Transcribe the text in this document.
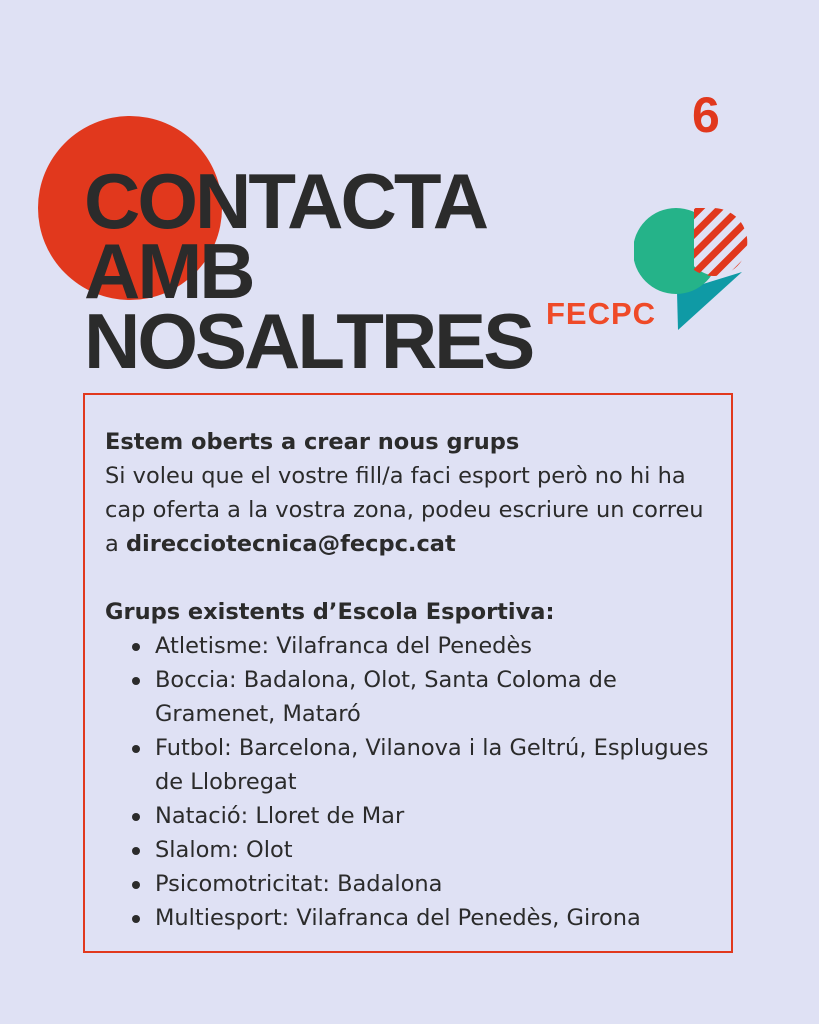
6
CONTACTA
AMB
NOSALTRES FECPC

Estem oberts a crear nous grups

Si voleu que el vostre fill/a faci esport però no hi ha cap oferta a la vostra zona, podeu escriure un correu a direcciotecnica@fecpc.cat

Grups existents d’Escola Esportiva:

Atletisme: Vilafranca del Penedès
Boccia: Badalona, Olot, Santa Coloma de Gramenet, Mataró
Futbol: Barcelona, Vilanova i la Geltrú, Esplugues de Llobregat
Natació: Lloret de Mar
Slalom: Olot
Psicomotricitat: Badalona
Multiesport: Vilafranca del Penedès, Girona
